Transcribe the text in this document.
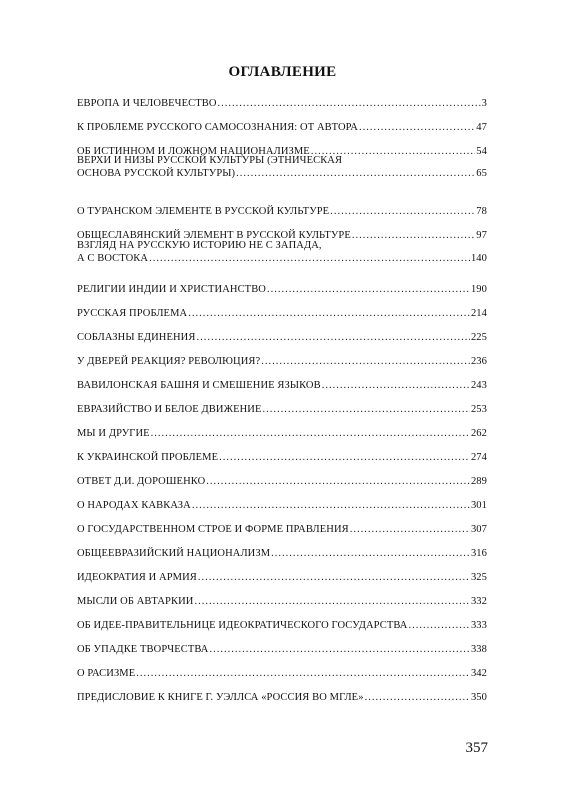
ОГЛАВЛЕНИЕ
ЕВРОПА И ЧЕЛОВЕЧЕСТВО .....	3
К ПРОБЛЕМЕ РУССКОГО САМОСОЗНАНИЯ: ОТ АВТОРА .....	47
ОБ ИСТИННОМ И ЛОЖНОМ НАЦИОНАЛИЗМЕ .....	54
ВЕРХИ И НИЗЫ РУССКОЙ КУЛЬТУРЫ (ЭТНИЧЕСКАЯ
ОСНОВА РУССКОЙ КУЛЬТУРЫ) .....	65
О ТУРАНСКОМ ЭЛЕМЕНТЕ В РУССКОЙ КУЛЬТУРЕ .....	78
ОБЩЕСЛАВЯНСКИЙ ЭЛЕМЕНТ В РУССКОЙ КУЛЬТУРЕ .....	97
ВЗГЛЯД НА РУССКУЮ ИСТОРИЮ НЕ С ЗАПАДА,
А С ВОСТОКА .....	140
РЕЛИГИИ ИНДИИ И ХРИСТИАНСТВО .....	190
РУССКАЯ ПРОБЛЕМА .....	214
СОБЛАЗНЫ ЕДИНЕНИЯ .....	225
У ДВЕРЕЙ РЕАКЦИЯ? РЕВОЛЮЦИЯ? .....	236
ВАВИЛОНСКАЯ БАШНЯ И СМЕШЕНИЕ ЯЗЫКОВ .....	243
ЕВРАЗИЙСТВО И БЕЛОЕ ДВИЖЕНИЕ .....	253
МЫ И ДРУГИЕ .....	262
К УКРАИНСКОЙ ПРОБЛЕМЕ .....	274
ОТВЕТ Д.И. ДОРОШЕНКО .....	289
О НАРОДАХ КАВКАЗА .....	301
О ГОСУДАРСТВЕННОМ СТРОЕ И ФОРМЕ ПРАВЛЕНИЯ .....	307
ОБЩЕЕВРАЗИЙСКИЙ НАЦИОНАЛИЗМ .....	316
ИДЕОКРАТИЯ И АРМИЯ .....	325
МЫСЛИ ОБ АВТАРКИИ .....	332
ОБ ИДЕЕ-ПРАВИТЕЛЬНИЦЕ ИДЕОКРАТИЧЕСКОГО ГОСУДАРСТВА .....	333
ОБ УПАДКЕ ТВОРЧЕСТВА .....	338
О РАСИЗМЕ .....	342
ПРЕДИСЛОВИЕ К КНИГЕ Г. УЭЛЛСА «РОССИЯ ВО МГЛЕ» .....	350
357
